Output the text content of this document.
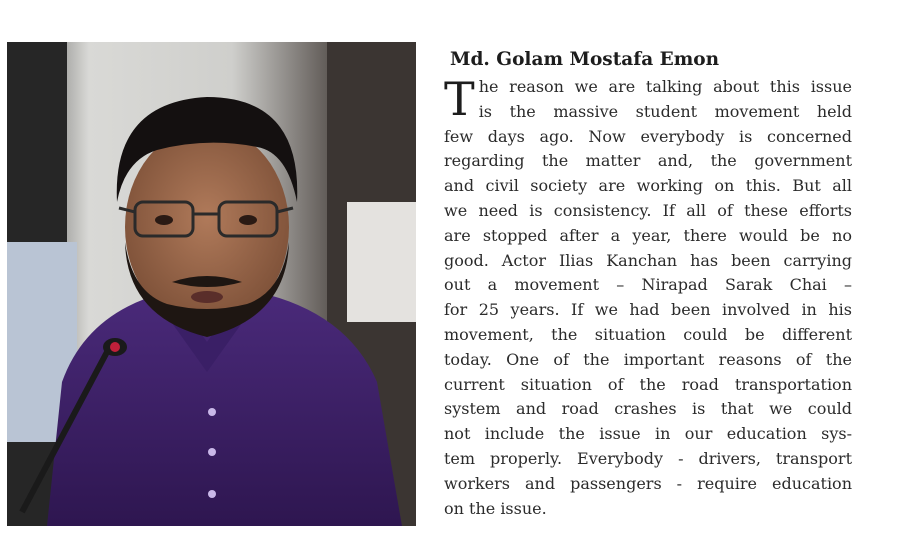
Md. Golam Mostafa Emon
T he reason we are talking about this issue
is the massive student movement held
few days ago. Now everybody is concerned
regarding the matter and, the government
and civil society are working on this. But all
we need is consistency. If all of these efforts
are stopped after a year, there would be no
good. Actor Ilias Kanchan has been carrying
out a movement – Nirapad Sarak Chai –
for 25 years. If we had been involved in his
movement, the situation could be different
today. One of the important reasons of the
current situation of the road transportation
system and road crashes is that we could
not include the issue in our education sys-
tem properly. Everybody - drivers, transport
workers and passengers - require education
on the issue.
